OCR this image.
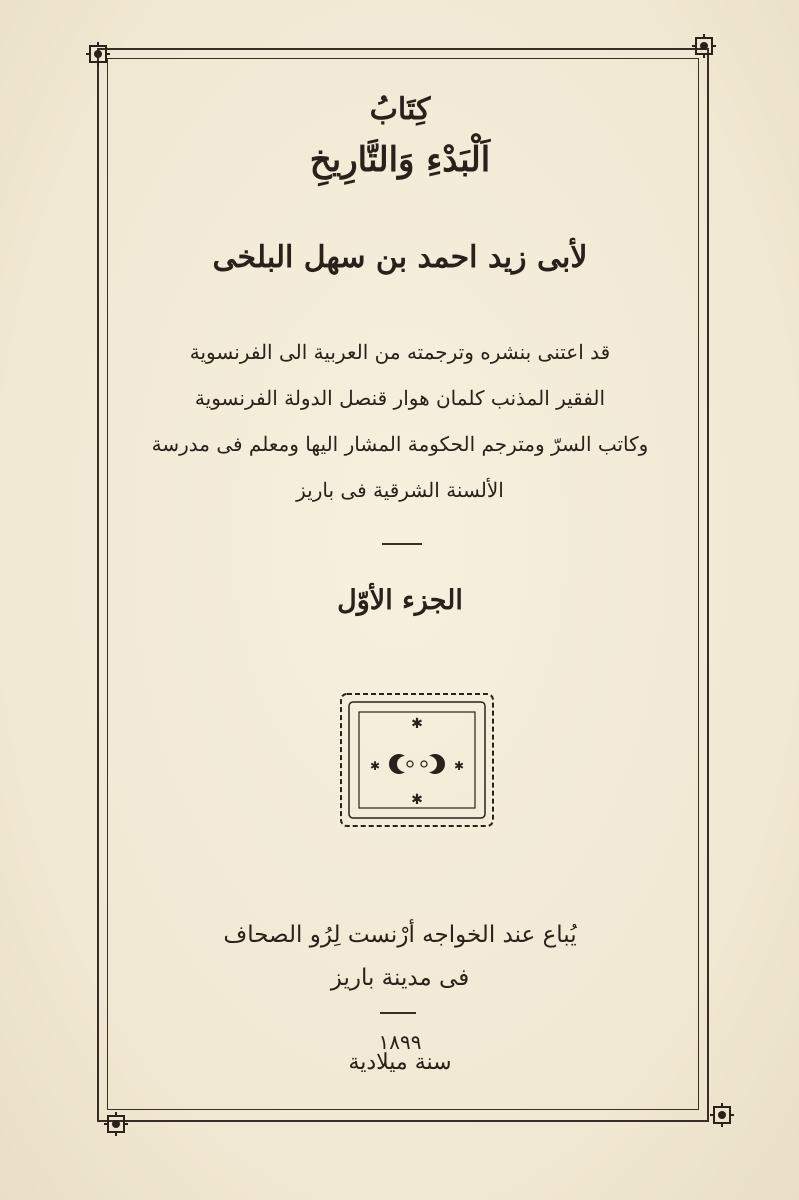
كِتَابُ
اَلْبَدْءِ وَالتَّارِيخِ
لأبى زيد احمد بن سهل البلخى
قد اعتنى بنشره وترجمته من العربية الى الفرنسوية
الفقير المذنب كلمان هوار قنصل الدولة الفرنسوية
وكاتب السرّ ومترجم الحكومة المشار اليها ومعلم فى مدرسة
الألسنة الشرقية فى باريز
الجزء الأوّل
يُباع عند الخواجه أرْنست لِرُو الصحاف
فى مدينة باريز
١٨٩٩
سنة ميلادية
✱
✱
✱	✱
